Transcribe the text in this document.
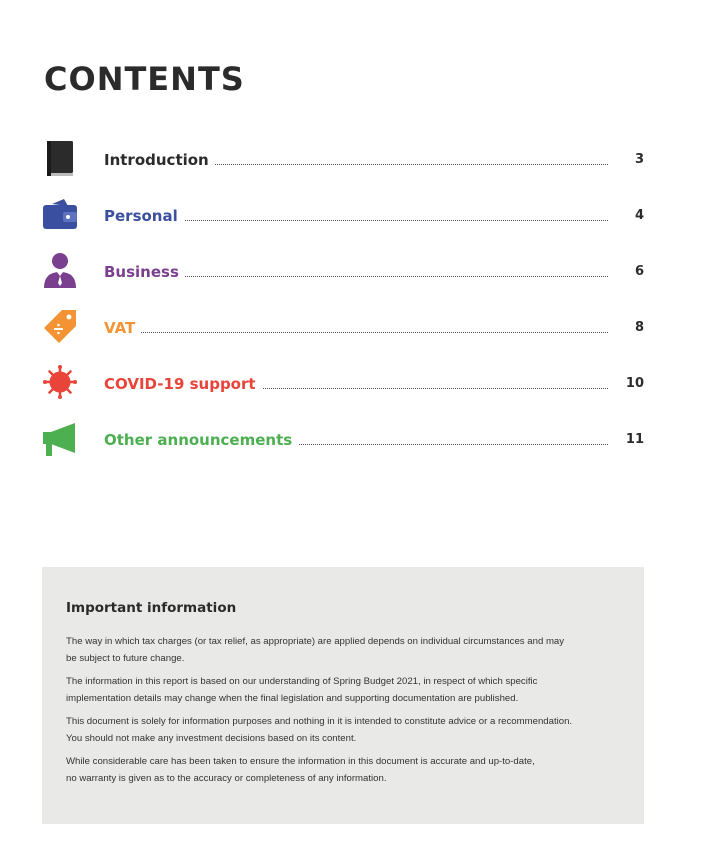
CONTENTS
Introduction	3
Personal	4
Business	6
VAT	8
COVID-19 support	10
Other announcements	11
Important information

The way in which tax charges (or tax relief, as appropriate) are applied depends on individual circumstances and may
be subject to future change.

The information in this report is based on our understanding of Spring Budget 2021, in respect of which specific
implementation details may change when the final legislation and supporting documentation are published.

This document is solely for information purposes and nothing in it is intended to constitute advice or a recommendation.
You should not make any investment decisions based on its content.

While considerable care has been taken to ensure the information in this document is accurate and up-to-date,
no warranty is given as to the accuracy or completeness of any information.
